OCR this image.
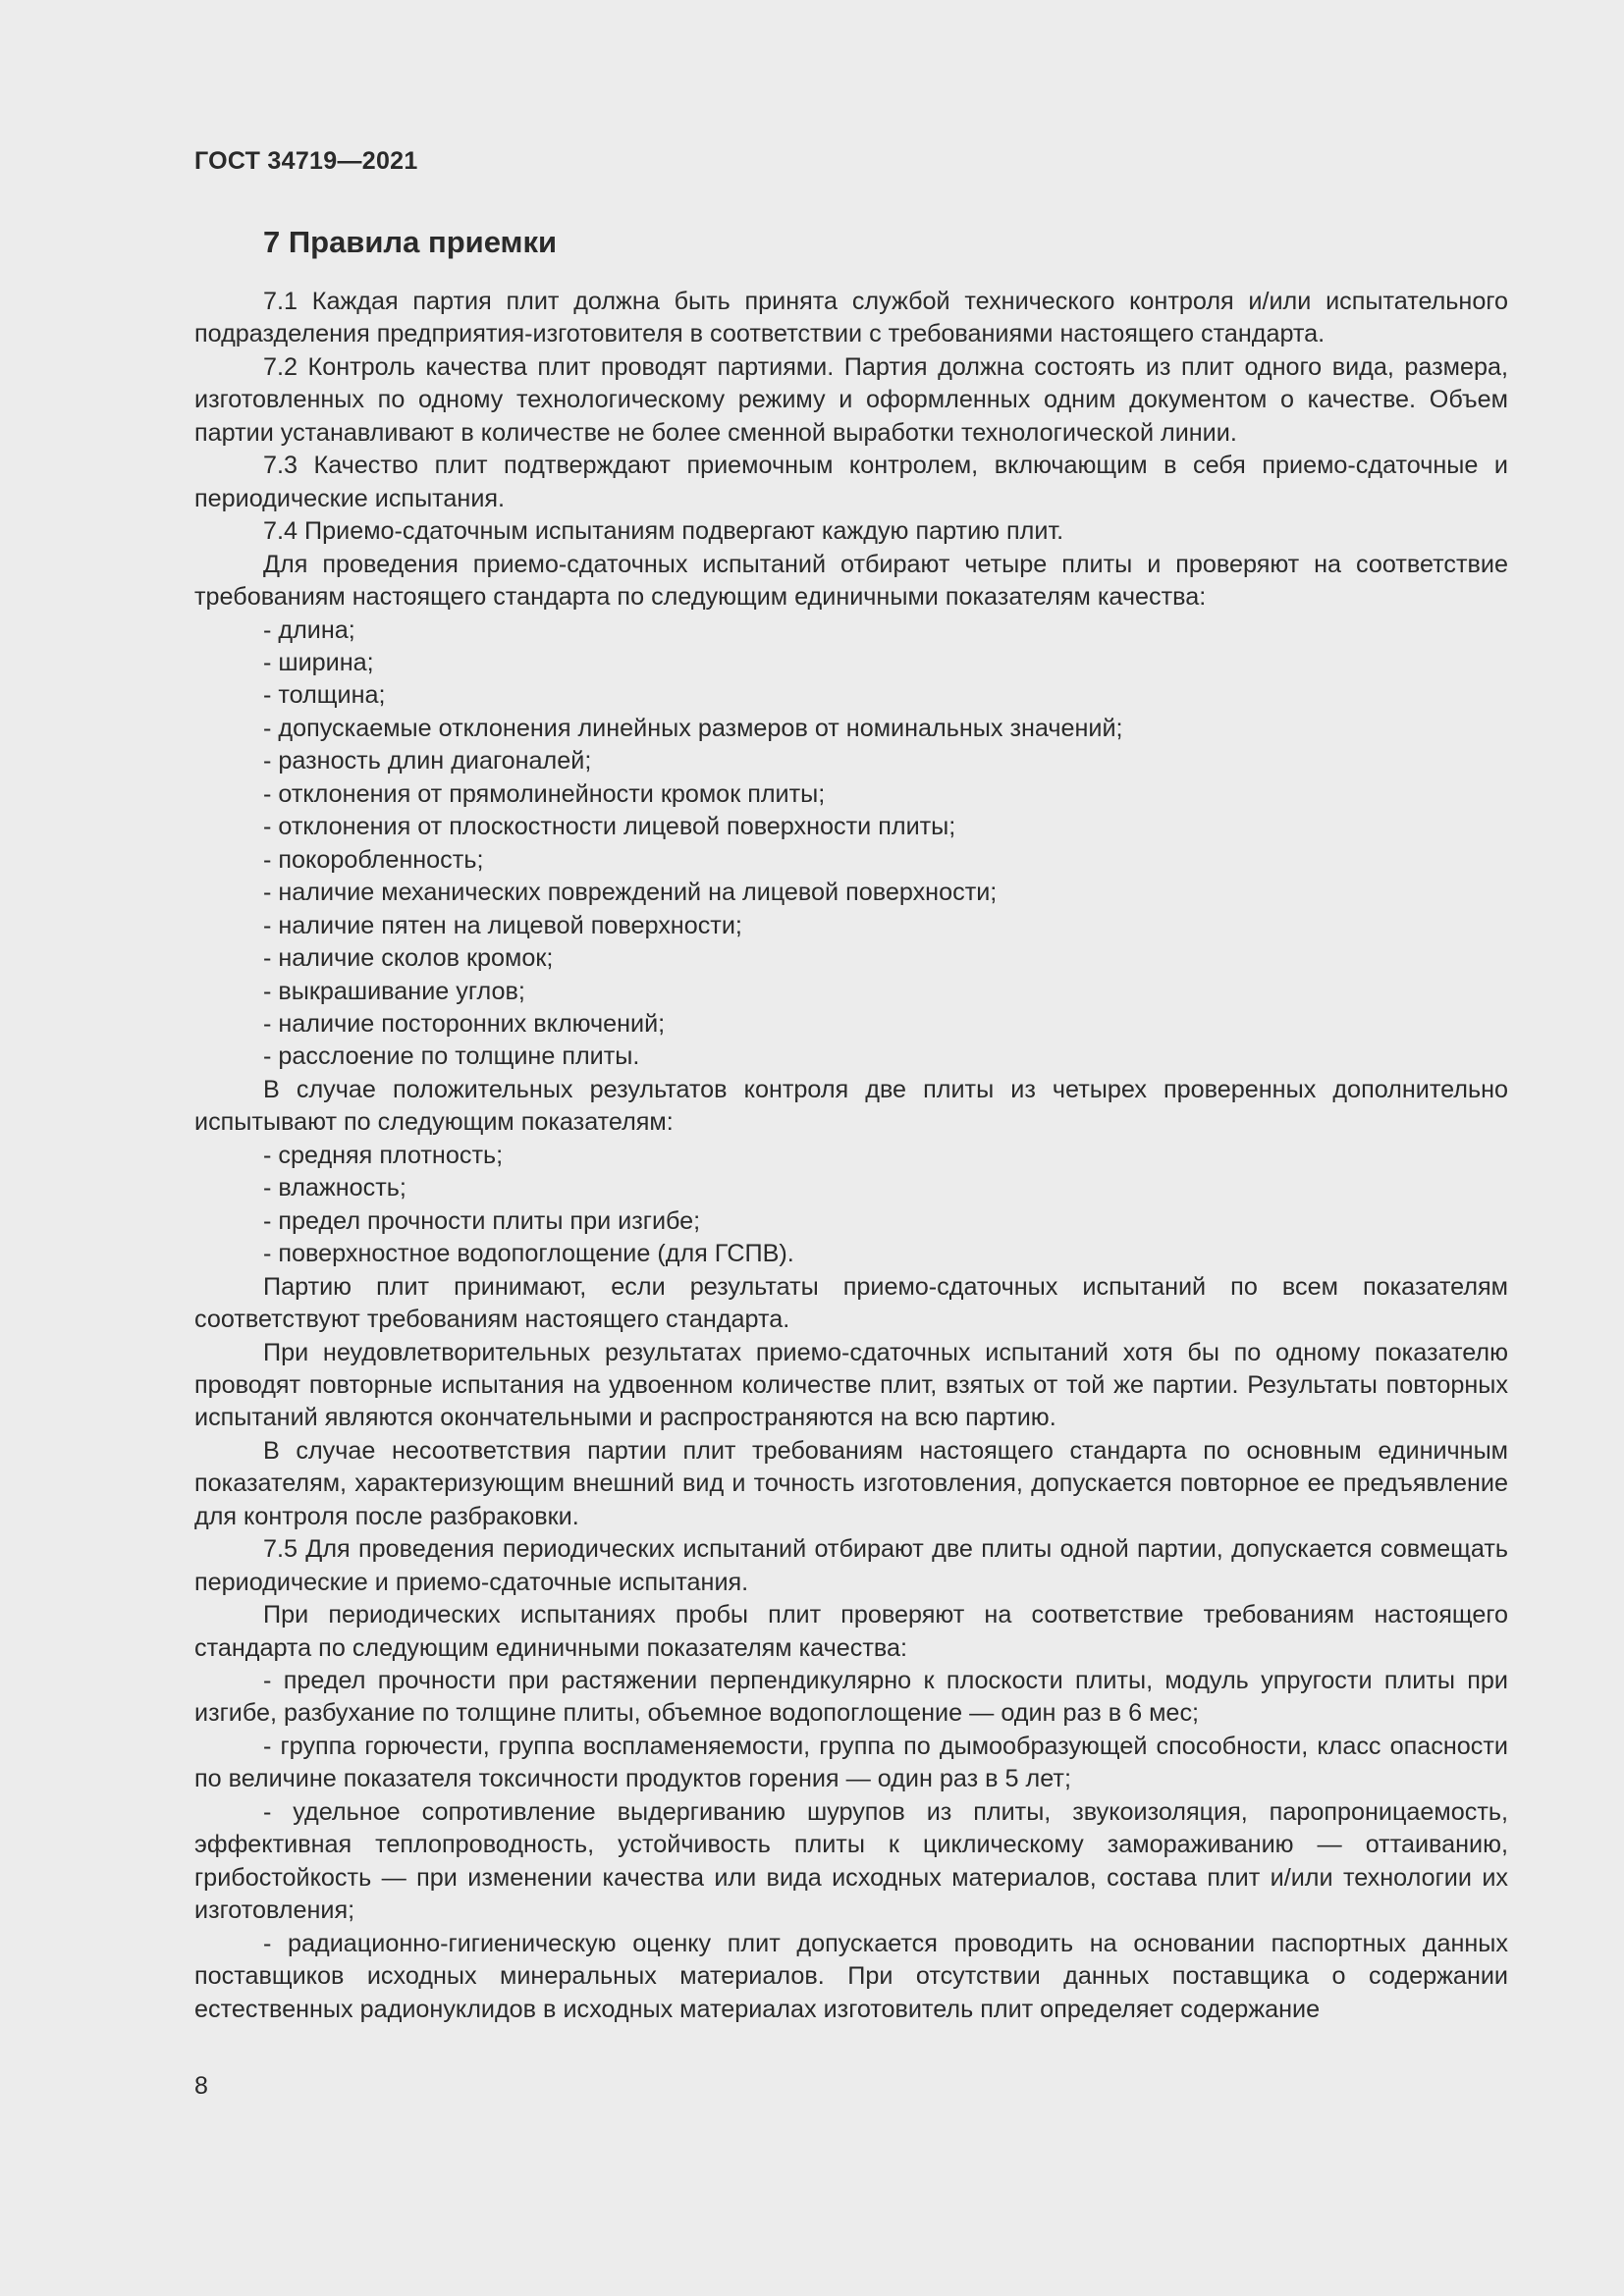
ГОСТ 34719—2021
7 Правила приемки

7.1 Каждая партия плит должна быть принята службой технического контроля и/или испытательного подразделения предприятия-изготовителя в соответствии с требованиями настоящего стандарта.

7.2 Контроль качества плит проводят партиями. Партия должна состоять из плит одного вида, размера, изготовленных по одному технологическому режиму и оформленных одним документом о качестве. Объем партии устанавливают в количестве не более сменной выработки технологической линии.

7.3 Качество плит подтверждают приемочным контролем, включающим в себя приемо-сдаточные и периодические испытания.

7.4 Приемо-сдаточным испытаниям подвергают каждую партию плит.

Для проведения приемо-сдаточных испытаний отбирают четыре плиты и проверяют на соответствие требованиям настоящего стандарта по следующим единичными показателям качества:

- длина;

- ширина;

- толщина;

- допускаемые отклонения линейных размеров от номинальных значений;

- разность длин диагоналей;

- отклонения от прямолинейности кромок плиты;

- отклонения от плоскостности лицевой поверхности плиты;

- покоробленность;

- наличие механических повреждений на лицевой поверхности;

- наличие пятен на лицевой поверхности;

- наличие сколов кромок;

- выкрашивание углов;

- наличие посторонних включений;

- расслоение по толщине плиты.

В случае положительных результатов контроля две плиты из четырех проверенных дополнительно испытывают по следующим показателям:

- средняя плотность;

- влажность;

- предел прочности плиты при изгибе;

- поверхностное водопоглощение (для ГСПВ).

Партию плит принимают, если результаты приемо-сдаточных испытаний по всем показателям соответствуют требованиям настоящего стандарта.

При неудовлетворительных результатах приемо-сдаточных испытаний хотя бы по одному показателю проводят повторные испытания на удвоенном количестве плит, взятых от той же партии. Результаты повторных испытаний являются окончательными и распространяются на всю партию.

В случае несоответствия партии плит требованиям настоящего стандарта по основным единичным показателям, характеризующим внешний вид и точность изготовления, допускается повторное ее предъявление для контроля после разбраковки.

7.5 Для проведения периодических испытаний отбирают две плиты одной партии, допускается совмещать периодические и приемо-сдаточные испытания.

При периодических испытаниях пробы плит проверяют на соответствие требованиям настоящего стандарта по следующим единичными показателям качества:

- предел прочности при растяжении перпендикулярно к плоскости плиты, модуль упругости плиты при изгибе, разбухание по толщине плиты, объемное водопоглощение — один раз в 6 мес;

- группа горючести, группа воспламеняемости, группа по дымообразующей способности, класс опасности по величине показателя токсичности продуктов горения — один раз в 5 лет;

- удельное сопротивление выдергиванию шурупов из плиты, звукоизоляция, паропроницаемость, эффективная теплопроводность, устойчивость плиты к циклическому замораживанию — оттаиванию, грибостойкость — при изменении качества или вида исходных материалов, состава плит и/или технологии их изготовления;

- радиационно-гигиеническую оценку плит допускается проводить на основании паспортных данных поставщиков исходных минеральных материалов. При отсутствии данных поставщика о содержании естественных радионуклидов в исходных материалах изготовитель плит определяет содержание

8
